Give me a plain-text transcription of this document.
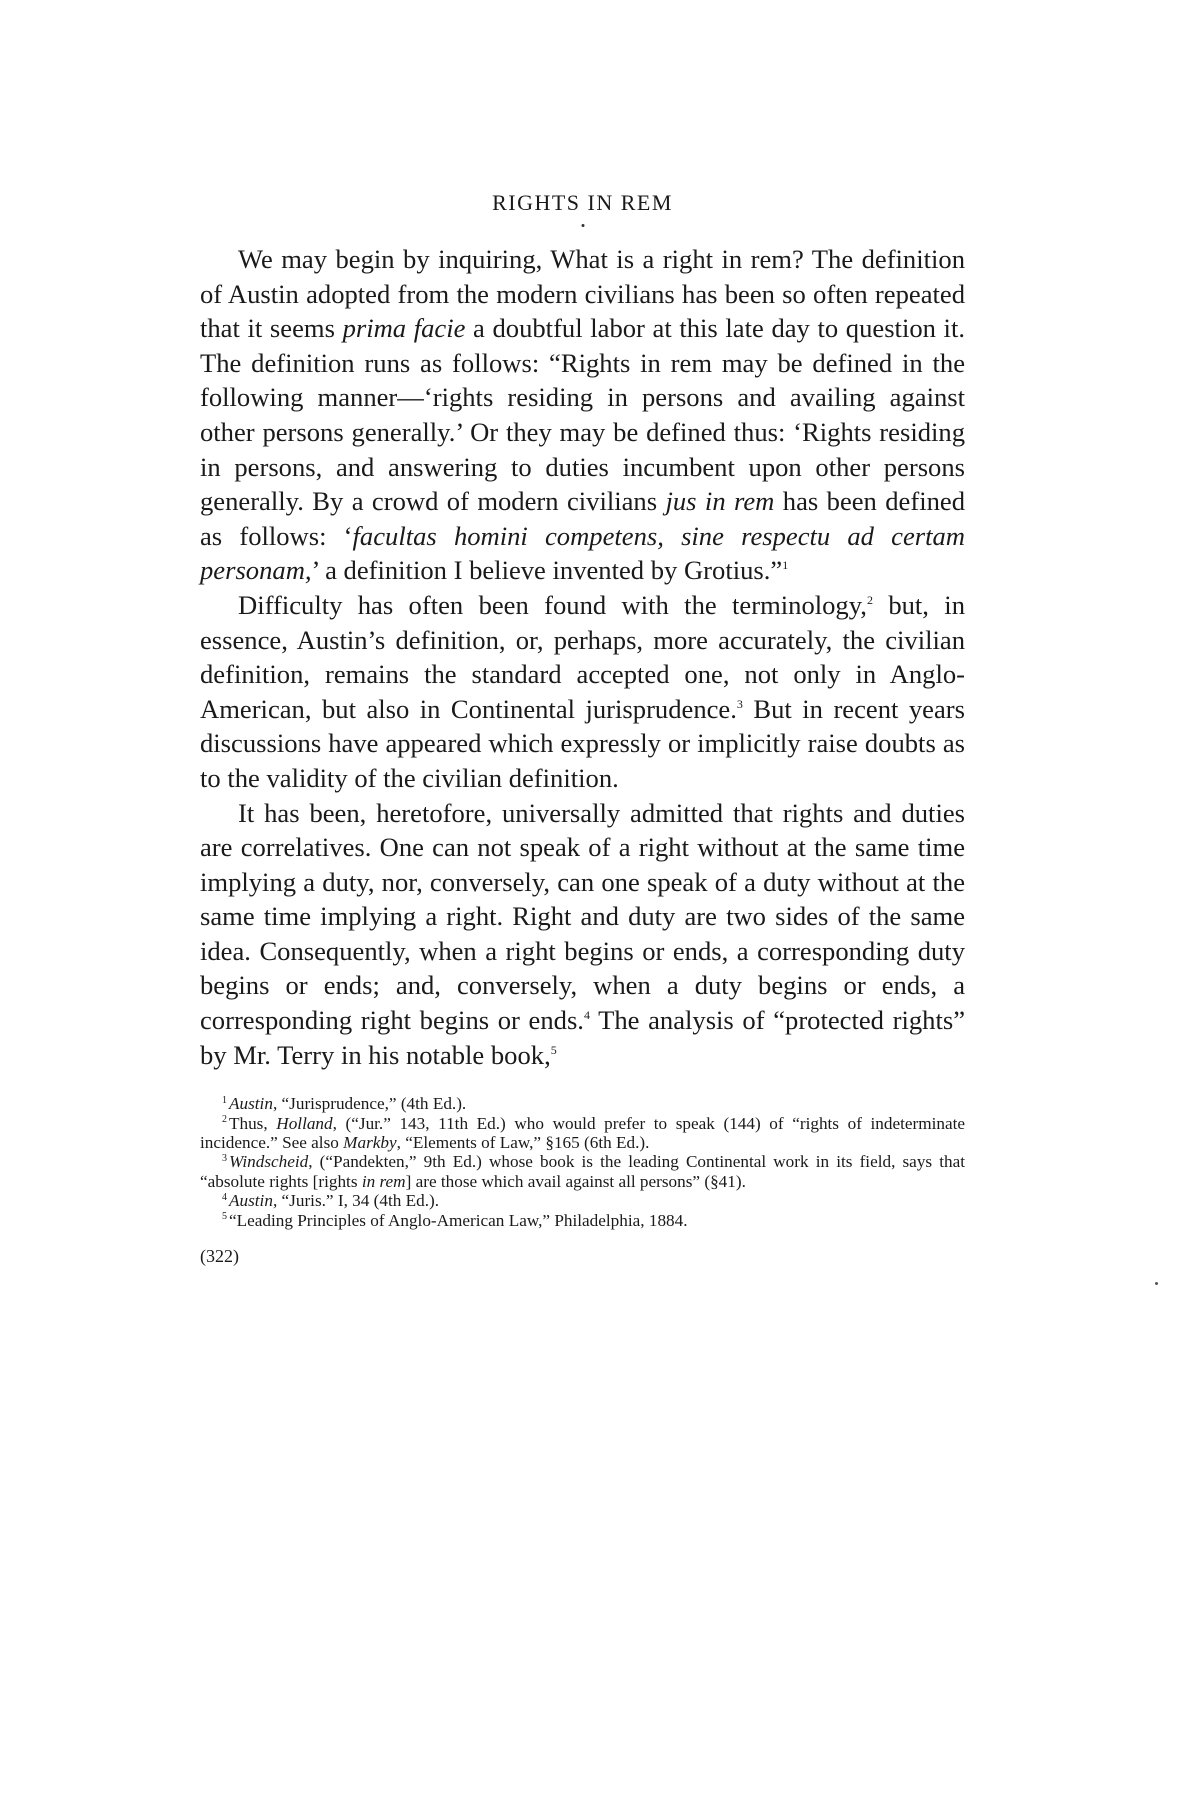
RIGHTS IN REM

We may begin by inquiring, What is a right in rem? The definition of Austin adopted from the modern civilians has been so often repeated that it seems prima facie a doubtful labor at this late day to question it. The definition runs as follows: “Rights in rem may be defined in the following manner—‘rights residing in persons and availing against other persons generally.’ Or they may be defined thus: ‘Rights residing in persons, and answering to duties incumbent upon other persons generally. By a crowd of modern civilians jus in rem has been defined as follows: ‘facultas homini competens, sine respectu ad certam personam,’ a definition I believe invented by Grotius.”$^1$

Difficulty has often been found with the terminology,$^2$ but, in essence, Austin’s definition, or, perhaps, more accurately, the civilian definition, remains the standard accepted one, not only in Anglo-American, but also in Continental jurisprudence.$^3$ But in recent years discussions have appeared which expressly or implicitly raise doubts as to the validity of the civilian definition.

It has been, heretofore, universally admitted that rights and duties are correlatives. One can not speak of a right without at the same time implying a duty, nor, conversely, can one speak of a duty without at the same time implying a right. Right and duty are two sides of the same idea. Consequently, when a right begins or ends, a corresponding duty begins or ends; and, conversely, when a duty begins or ends, a corresponding right begins or ends.$^4$ The analysis of “protected rights” by Mr. Terry in his notable book,$^5$

$^1$ Austin, “Jurisprudence,” (4th Ed.).

$^2$ Thus, Holland, (“Jur.” 143, 11th Ed.) who would prefer to speak (144) of “rights of indeterminate incidence.” See also Markby, “Elements of Law,” §165 (6th Ed.).

$^3$ Windscheid, (“Pandekten,” 9th Ed.) whose book is the leading Continental work in its field, says that “absolute rights [rights in rem] are those which avail against all persons” (§41).

$^4$ Austin, “Juris.” I, 34 (4th Ed.).

$^5$ “Leading Principles of Anglo-American Law,” Philadelphia, 1884.

(322)
